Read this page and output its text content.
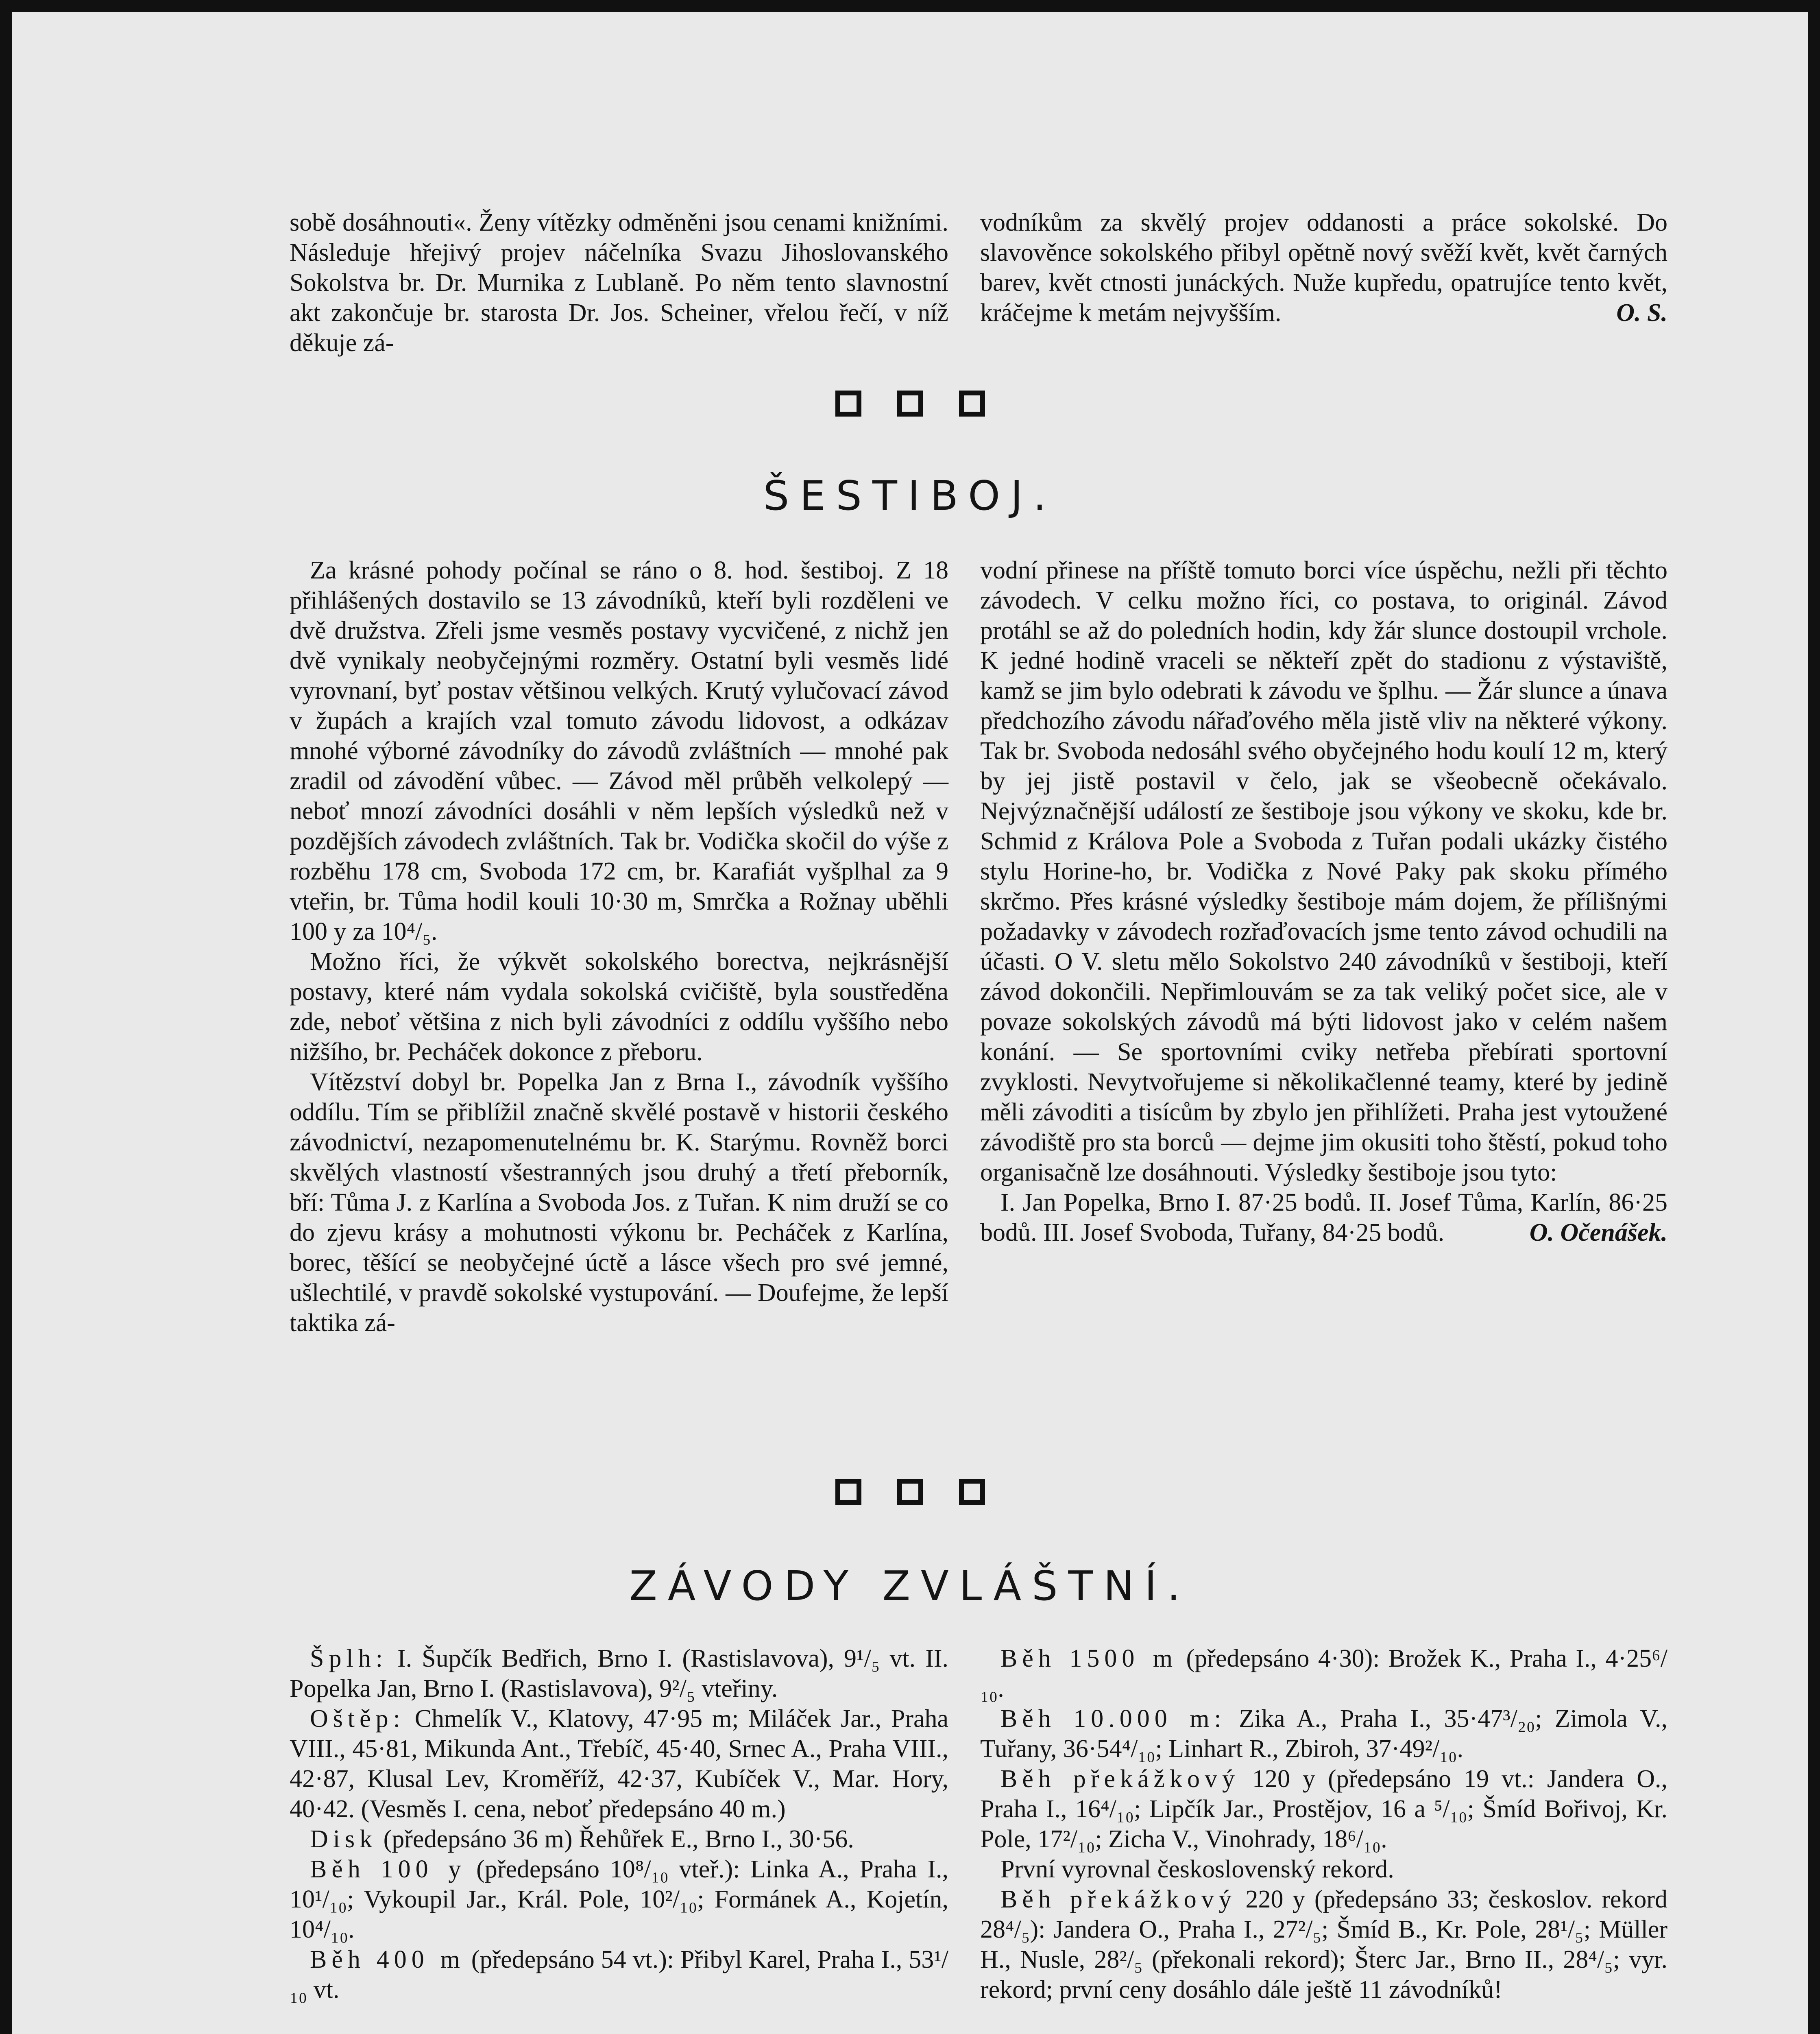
sobě dosáhnouti«. Ženy vítězky odměněni jsou cenami knižními. Následuje hřejivý projev náčelníka Svazu Jihoslovanského Sokolstva br. Dr. Murnika z Lublaně. Po něm tento slavnostní akt zakončuje br. starosta Dr. Jos. Scheiner, vřelou řečí, v níž děkuje zá-

vodníkům za skvělý projev oddanosti a práce sokolské. Do slavověnce sokolského přibyl opětně nový svěží květ, květ čarných barev, květ ctnosti junáckých. Nuže kupředu, opatrujíce tento květ, kráčejme k metám nejvyšším.	O. S.

ŠESTIBOJ.

Za krásné pohody počínal se ráno o 8. hod. šestiboj. Z 18 přihlášených dostavilo se 13 závodníků, kteří byli rozděleni ve dvě družstva. Zřeli jsme vesměs postavy vycvičené, z nichž jen dvě vynikaly neobyčejnými rozměry. Ostatní byli vesměs lidé vyrovnaní, byť postav většinou velkých. Krutý vylučovací závod v župách a krajích vzal tomuto závodu lidovost, a odkázav mnohé výborné závodníky do závodů zvláštních — mnohé pak zradil od závodění vůbec. — Závod měl průběh velkolepý — neboť mnozí závodníci dosáhli v něm lepších výsledků než v pozdějších závodech zvláštních. Tak br. Vodička skočil do výše z rozběhu 178 cm, Svoboda 172 cm, br. Karafiát vyšplhal za 9 vteřin, br. Tůma hodil kouli 10·30 m, Smrčka a Rožnay uběhli 100 y za 10⁴/₅.

Možno říci, že výkvět sokolského borectva, nejkrásnější postavy, které nám vydala sokolská cvičiště, byla soustředěna zde, neboť většina z nich byli závodníci z oddílu vyššího nebo nižšího, br. Pecháček dokonce z přeboru.

Vítězství dobyl br. Popelka Jan z Brna I., závodník vyššího oddílu. Tím se přiblížil značně skvělé postavě v historii českého závodnictví, nezapomenutelnému br. K. Starýmu. Rovněž borci skvělých vlastností všestranných jsou druhý a třetí přeborník, bří: Tůma J. z Karlína a Svoboda Jos. z Tuřan. K nim druží se co do zjevu krásy a mohutnosti výkonu br. Pecháček z Karlína, borec, těšící se neobyčejné úctě a lásce všech pro své jemné, ušlechtilé, v pravdě sokolské vystupování. — Doufejme, že lepší taktika zá-

vodní přinese na příště tomuto borci více úspěchu, nežli při těchto závodech. V celku možno říci, co postava, to originál. Závod protáhl se až do poledních hodin, kdy žár slunce dostoupil vrchole. K jedné hodině vraceli se někteří zpět do stadionu z výstaviště, kamž se jim bylo odebrati k závodu ve šplhu. — Žár slunce a únava předchozího závodu nářaďového měla jistě vliv na některé výkony. Tak br. Svoboda nedosáhl svého obyčejného hodu koulí 12 m, který by jej jistě postavil v čelo, jak se všeobecně očekávalo. Nejvýznačnější událostí ze šestiboje jsou výkony ve skoku, kde br. Schmid z Králova Pole a Svoboda z Tuřan podali ukázky čistého stylu Horine-ho, br. Vodička z Nové Paky pak skoku přímého skrčmo. Přes krásné výsledky šestiboje mám dojem, že přílišnými požadavky v závodech rozřaďovacích jsme tento závod ochudili na účasti. O V. sletu mělo Sokolstvo 240 závodníků v šestiboji, kteří závod dokončili. Nepřimlouvám se za tak veliký počet sice, ale v povaze sokolských závodů má býti lidovost jako v celém našem konání. — Se sportovními cviky netřeba přebírati sportovní zvyklosti. Nevytvořujeme si několikačlenné teamy, které by jedině měli závoditi a tisícům by zbylo jen přihlížeti. Praha jest vytoužené závodiště pro sta borců — dejme jim okusiti toho štěstí, pokud toho organisačně lze dosáhnouti. Výsledky šestiboje jsou tyto:

I. Jan Popelka, Brno I. 87·25 bodů. II. Josef Tůma, Karlín, 86·25 bodů. III. Josef Svoboda, Tuřany, 84·25 bodů.	O. Očenášek.

ZÁVODY ZVLÁŠTNÍ.

Šplh: I. Šupčík Bedřich, Brno I. (Rastislavova), 9¹/₅ vt. II. Popelka Jan, Brno I. (Rastislavova), 9²/₅ vteřiny.

Oštěp: Chmelík V., Klatovy, 47·95 m; Miláček Jar., Praha VIII., 45·81, Mikunda Ant., Třebíč, 45·40, Srnec A., Praha VIII., 42·87, Klusal Lev, Kroměříž, 42·37, Kubíček V., Mar. Hory, 40·42. (Vesměs I. cena, neboť předepsáno 40 m.)

Disk (předepsáno 36 m) Řehůřek E., Brno I., 30·56.

Běh 100 y (předepsáno 10⁸/₁₀ vteř.): Linka A., Praha I., 10¹/₁₀; Vykoupil Jar., Král. Pole, 10²/₁₀; Formánek A., Kojetín, 10⁴/₁₀.

Běh 400 m (předepsáno 54 vt.): Přibyl Karel, Praha I., 53¹/₁₀ vt.

Běh 1500 m (předepsáno 4·30): Brožek K., Praha I., 4·25⁶/₁₀.

Běh 10.000 m: Zika A., Praha I., 35·47³/₂₀; Zimola V., Tuřany, 36·54⁴/₁₀; Linhart R., Zbiroh, 37·49²/₁₀.

Běh překážkový 120 y (předepsáno 19 vt.: Jandera O., Praha I., 16⁴/₁₀; Lipčík Jar., Prostějov, 16 a ⁵/₁₀; Šmíd Bořivoj, Kr. Pole, 17²/₁₀; Zicha V., Vinohrady, 18⁶/₁₀.

První vyrovnal československý rekord.

Běh překážkový 220 y (předepsáno 33; českoslov. rekord 28⁴/₅): Jandera O., Praha I., 27²/₅; Šmíd B., Kr. Pole, 28¹/₅; Müller H., Nusle, 28²/₅ (překonali rekord); Šterc Jar., Brno II., 28⁴/₅; vyr. rekord; první ceny dosáhlo dále ještě 11 závodníků!
